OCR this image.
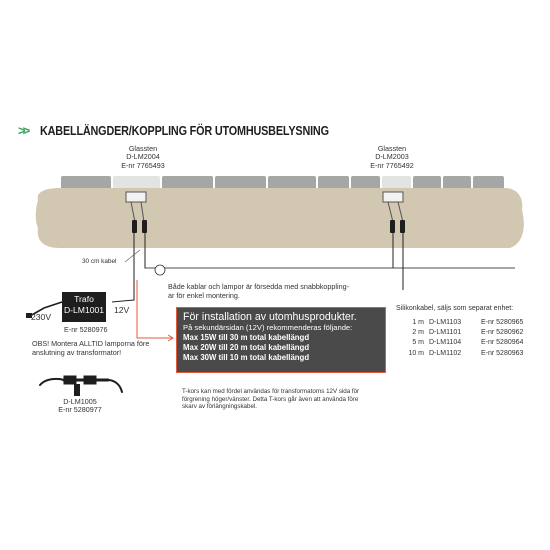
>> KABELLÄNGDER/KOPPLING FÖR UTOMHUSBELYSNING
Glassten
D-LM2004
E-nr 7765493
Glassten
D-LM2003
E-nr 7765492
30 cm kabel
Både kablar och lampor är försedda med snabbkoppling-
ar för enkel montering.
Trafo
D-LM1001
230V
12V
E-nr 5280976
OBS! Montera ALLTID lamporna före
anslutning av transformator!
D-LM1005
E-nr 5280977
För installation av utomhusprodukter.
På sekundärsidan (12V) rekommenderas följande:
Max 15W till 30 m total kabellängd
Max 20W till 20 m total kabellängd
Max 30W till 10 m total kabellängd
T-kors kan med fördel användas för transformatorns 12V sida för
förgrening höger/vänster. Detta T-kors går även att använda före
skarv av förlängningskabel.
Silikonkabel, säljs som separat enhet:
1 m D-LM1103	E-nr 5280965
2 m D-LM1101	E-nr 5280962
5 m D-LM1104	E-nr 5280964
10 m D-LM1102	E-nr 5280963
